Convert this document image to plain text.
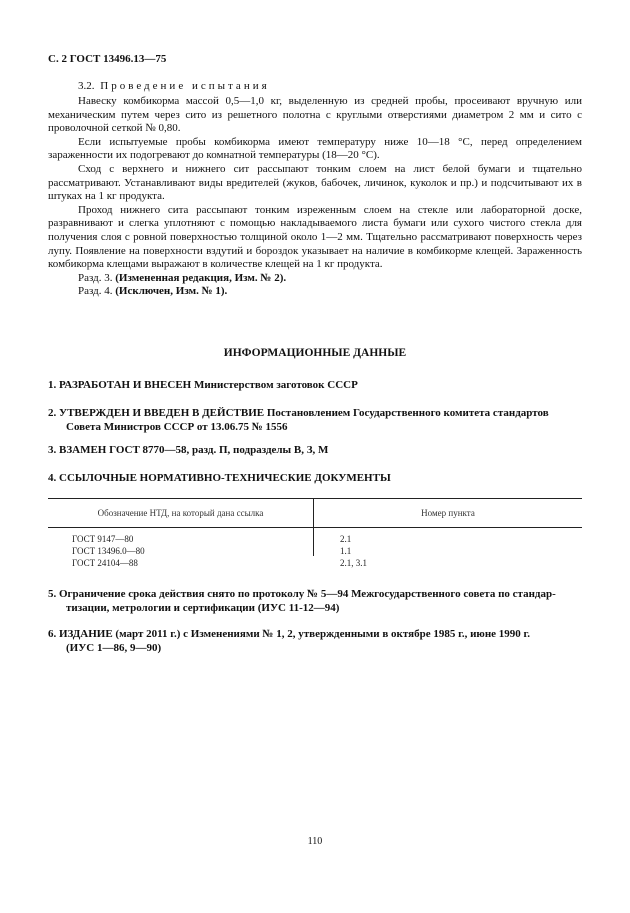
С. 2 ГОСТ 13496.13—75
3.2. Проведение испытания

Навеску комбикорма массой 0,5—1,0 кг, выделенную из средней пробы, просеивают вручную или механическим путем через сито из решетного полотна с круглыми отверстиями диаметром 2 мм и сито с проволочной сеткой № 0,80.

Если испытуемые пробы комбикорма имеют температуру ниже 10—18 °С, перед определением зараженности их подогревают до комнатной температуры (18—20 °С).

Сход с верхнего и нижнего сит рассыпают тонким слоем на лист белой бумаги и тщательно рассматривают. Устанавливают виды вредителей (жуков, бабочек, личинок, куколок и пр.) и подсчитывают их в штуках на 1 кг продукта.

Проход нижнего сита рассыпают тонким изреженным слоем на стекле или лабораторной доске, разравнивают и слегка уплотняют с помощью накладываемого листа бумаги или сухого чистого стекла для получения слоя с ровной поверхностью толщиной около 1—2 мм. Тщательно рассматривают поверхность через лупу. Появление на поверхности вздутий и бороздок указывает на наличие в комбикорме клещей. Зараженность комбикорма клещами выражают в количестве клещей на 1 кг продукта.

Разд. 3. (Измененная редакция, Изм. № 2).

Разд. 4. (Исключен, Изм. № 1).

ИНФОРМАЦИОННЫЕ ДАННЫЕ
1. РАЗРАБОТАН И ВНЕСЕН Министерством заготовок СССР
2. УТВЕРЖДЕН И ВВЕДЕН В ДЕЙСТВИЕ Постановлением Государственного комитета стандартов
Совета Министров СССР от 13.06.75 № 1556
3. ВЗАМЕН ГОСТ 8770—58, разд. П, подразделы В, З, М
4. ССЫЛОЧНЫЕ НОРМАТИВНО-ТЕХНИЧЕСКИЕ ДОКУМЕНТЫ
Обозначение НТД, на который дана ссылка	Номер пункта
ГОСТ 9147—80	2.1
ГОСТ 13496.0—80	1.1
ГОСТ 24104—88	2.1, 3.1
5. Ограничение срока действия снято по протоколу № 5—94 Межгосударственного совета по стандар-
тизации, метрологии и сертификации (ИУС 11-12—94)
6. ИЗДАНИЕ (март 2011 г.) с Изменениями № 1, 2, утвержденными в октябре 1985 г., июне 1990 г.
(ИУС 1—86, 9—90)
110
